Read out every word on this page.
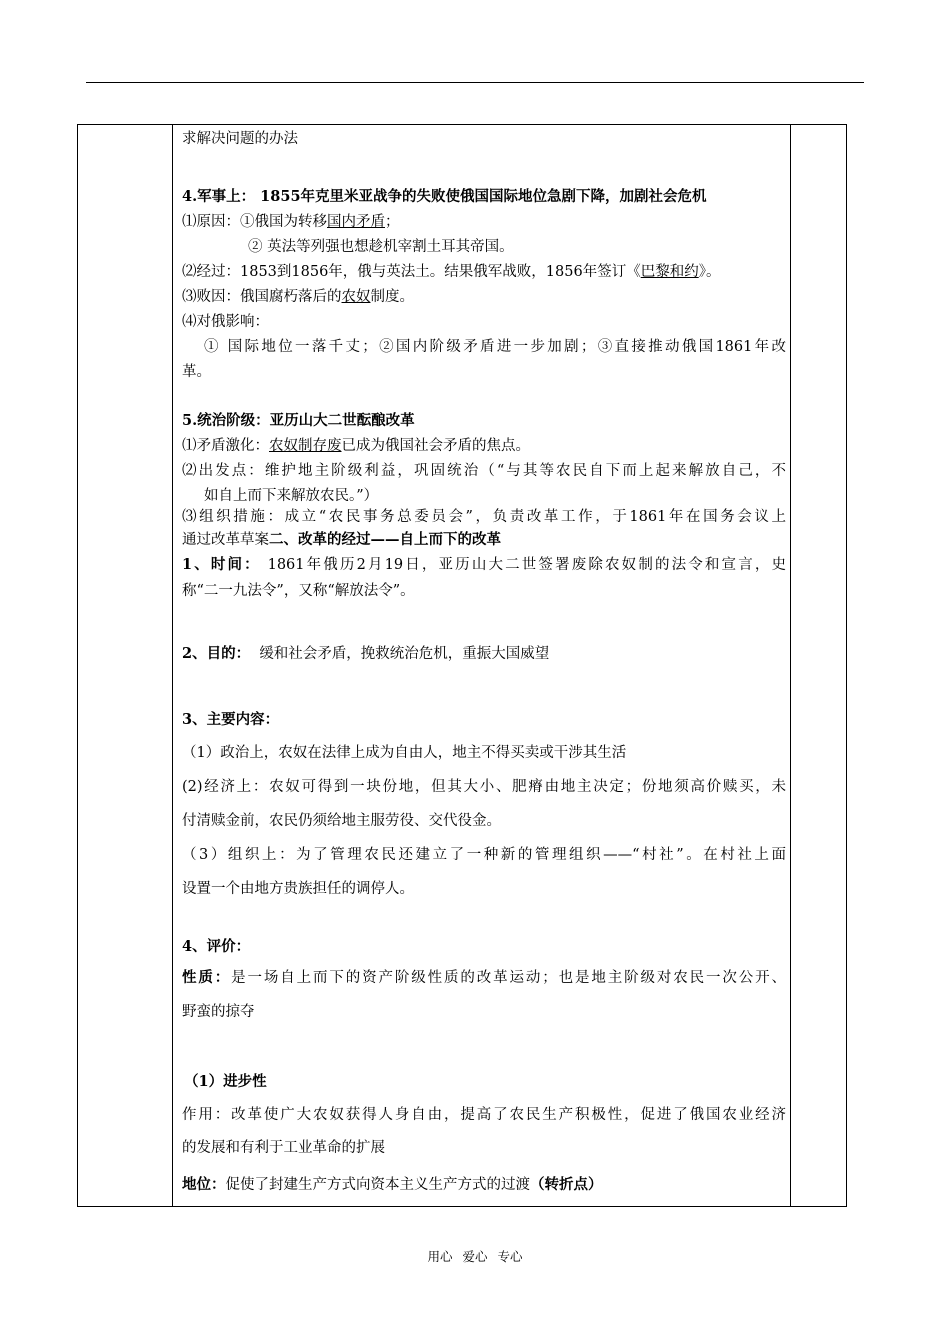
求解决问题的办法
4.军事上： 1855年克里米亚战争的失败使俄国国际地位急剧下降，加剧社会危机
⑴原因：①俄国为转移国内矛盾；
② 英法等列强也想趁机宰割土耳其帝国。
⑵经过：1853到1856年，俄与英法土。结果俄军战败，1856年签订《巴黎和约》。
⑶败因：俄国腐朽落后的农奴制度。
⑷对俄影响：
① 国际地位一落千丈；②国内阶级矛盾进一步加剧；③直接推动俄国1861年改
革。
5.统治阶级：亚历山大二世酝酿改革
⑴矛盾激化：农奴制存废已成为俄国社会矛盾的焦点。
⑵出发点：维护地主阶级利益，巩固统治（“与其等农民自下而上起来解放自己，不
如自上而下来解放农民。”）
⑶组织措施：成立“农民事务总委员会”，负责改革工作，于1861年在国务会议上
通过改革草案二、改革的经过——自上而下的改革
1、时间： 1861年俄历2月19日，亚历山大二世签署废除农奴制的法令和宣言，史
称“二一九法令”，又称“解放法令”。
2、目的： 缓和社会矛盾，挽救统治危机，重振大国威望
3、主要内容：
（1）政治上，农奴在法律上成为自由人，地主不得买卖或干涉其生活
(2)经济上：农奴可得到一块份地，但其大小、肥瘠由地主决定；份地须高价赎买，未
付清赎金前，农民仍须给地主服劳役、交代役金。
（3）组织上：为了管理农民还建立了一种新的管理组织——“村社”。在村社上面
设置一个由地方贵族担任的调停人。
4、评价：
性质：是一场自上而下的资产阶级性质的改革运动；也是地主阶级对农民一次公开、
野蛮的掠夺
（1）进步性
作用：改革使广大农奴获得人身自由，提高了农民生产积极性，促进了俄国农业经济
的发展和有利于工业革命的扩展
地位：促使了封建生产方式向资本主义生产方式的过渡（转折点）
用心 爱心 专心
